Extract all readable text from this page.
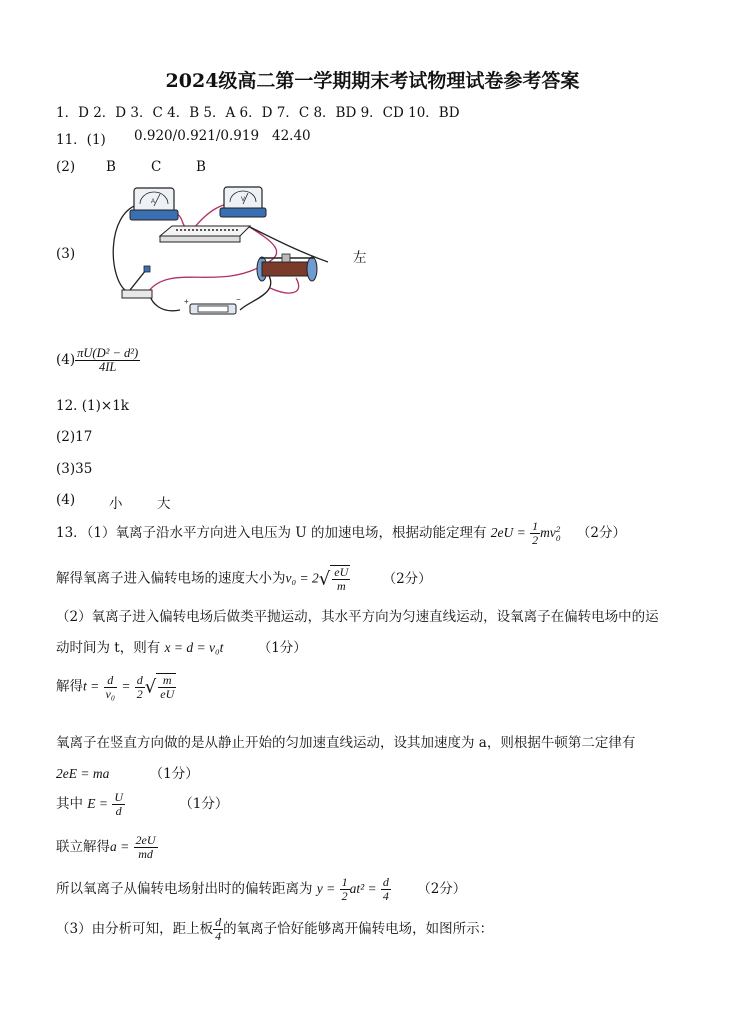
2024级高二第一学期期末考试物理试卷参考答案
1．D 2．D 3．C 4．B 5．A 6．D 7．C 8．BD 9．CD 10．BD
11．(1) 0.920/0.921/0.919 42.40
(2) B	C	B
(3)	左
A	V
+	−
$(4) \frac{\text{πU(D² − d²)}}{4IL}$
12. (1)×1k
(2)17
(3)35
(4)	小	大
13．（1）氧离子沿水平方向进入电压为 U 的加速电场，根据动能定理有 $2eU = \frac{1}{2}$ mv 2
0 （2分）
解得氧离子进入偏转电场的速度大小为$v_0 = 2√ \frac{eU}{m} (2$分）
（2）氧离子进入偏转电场后做类平抛运动，其水平方向为匀速直线运动，设氧离子在偏转电场中的运
动时间为 t，则有 x = d = v₀t	（1分）
解得$t = \frac{d}{\text{v₀}} = \frac{d}{2}$ √ $\frac{m}{eU}$
氧离子在竖直方向做的是从静止开始的匀加速直线运动，设其加速度为 a，则根据牛顿第二定律有
2eE = ma	（1分）
其中 $E = \frac{U}{d}$	（1分）
联立解得$a = \frac{2eU}{md}$
所以氧离子从偏转电场射出时的偏转距离为 $y = \frac{1}{2} at^2 = \frac{d}{4} (2$分）
（3）由分析可知，距上板 $\frac{d}{4}$ 的氧离子恰好能够离开偏转电场，如图所示：
